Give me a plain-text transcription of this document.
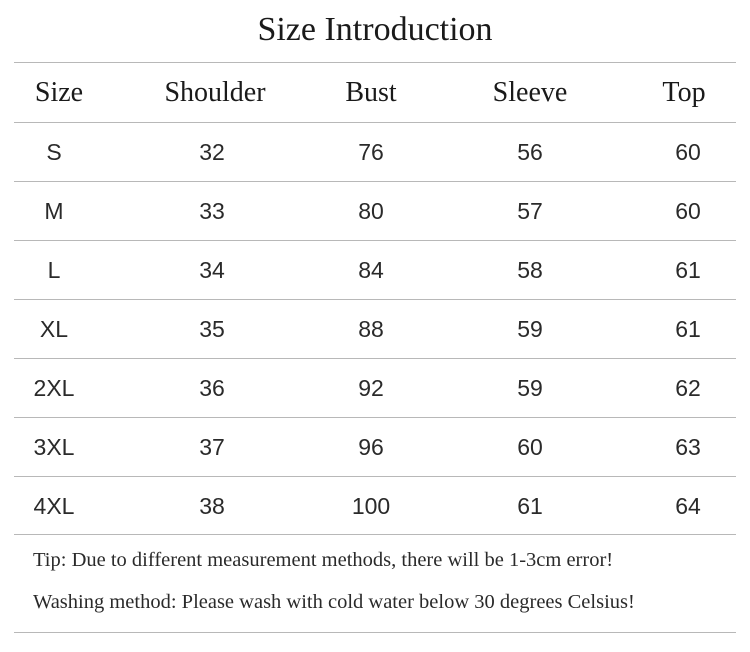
Size Introduction
Size	Shoulder	Bust	Sleeve	Top
S	32	76	56	60
M	33	80	57	60
L	34	84	58	61
XL	35	88	59	61
2XL	36	92	59	62
3XL	37	96	60	63
4XL	38	100	61	64
Tip: Due to different measurement methods, there will be 1-3cm error!
Washing method: Please wash with cold water below 30 degrees Celsius!
